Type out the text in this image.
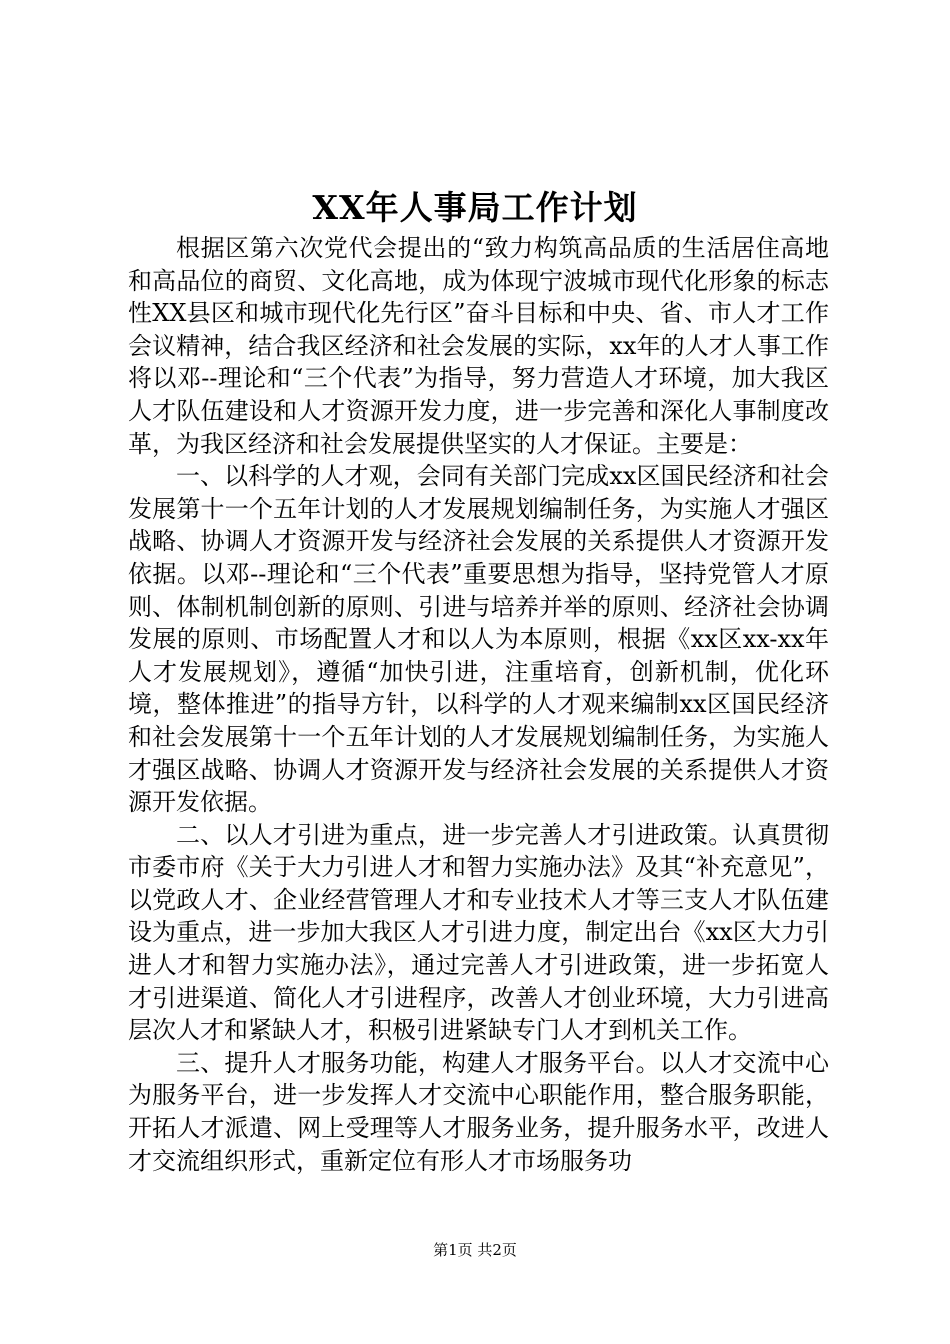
XX年人事局工作计划

根据区第六次党代会提出的“致力构筑高品质的生活居住高地和高品位的商贸、文化高地，成为体现宁波城市现代化形象的标志性XX县区和城市现代化先行区”奋斗目标和中央、省、市人才工作会议精神，结合我区经济和社会发展的实际，xx年的人才人事工作将以邓--理论和“三个代表”为指导，努力营造人才环境，加大我区人才队伍建设和人才资源开发力度，进一步完善和深化人事制度改革，为我区经济和社会发展提供坚实的人才保证。主要是：

一、以科学的人才观，会同有关部门完成xx区国民经济和社会发展第十一个五年计划的人才发展规划编制任务，为实施人才强区战略、协调人才资源开发与经济社会发展的关系提供人才资源开发依据。以邓--理论和“三个代表”重要思想为指导，坚持党管人才原则、体制机制创新的原则、引进与培养并举的原则、经济社会协调发展的原则、市场配置人才和以人为本原则，根据《xx区xx-xx年人才发展规划》，遵循“加快引进，注重培育，创新机制，优化环境，整体推进”的指导方针，以科学的人才观来编制xx区国民经济和社会发展第十一个五年计划的人才发展规划编制任务，为实施人才强区战略、协调人才资源开发与经济社会发展的关系提供人才资源开发依据。

二、以人才引进为重点，进一步完善人才引进政策。认真贯彻市委市府《关于大力引进人才和智力实施办法》及其“补充意见”，以党政人才、企业经营管理人才和专业技术人才等三支人才队伍建设为重点，进一步加大我区人才引进力度，制定出台《xx区大力引进人才和智力实施办法》，通过完善人才引进政策，进一步拓宽人才引进渠道、简化人才引进程序，改善人才创业环境，大力引进高层次人才和紧缺人才，积极引进紧缺专门人才到机关工作。

三、提升人才服务功能，构建人才服务平台。以人才交流中心为服务平台，进一步发挥人才交流中心职能作用，整合服务职能，开拓人才派遣、网上受理等人才服务业务，提升服务水平，改进人才交流组织形式，重新定位有形人才市场服务功

第1页 共2页
